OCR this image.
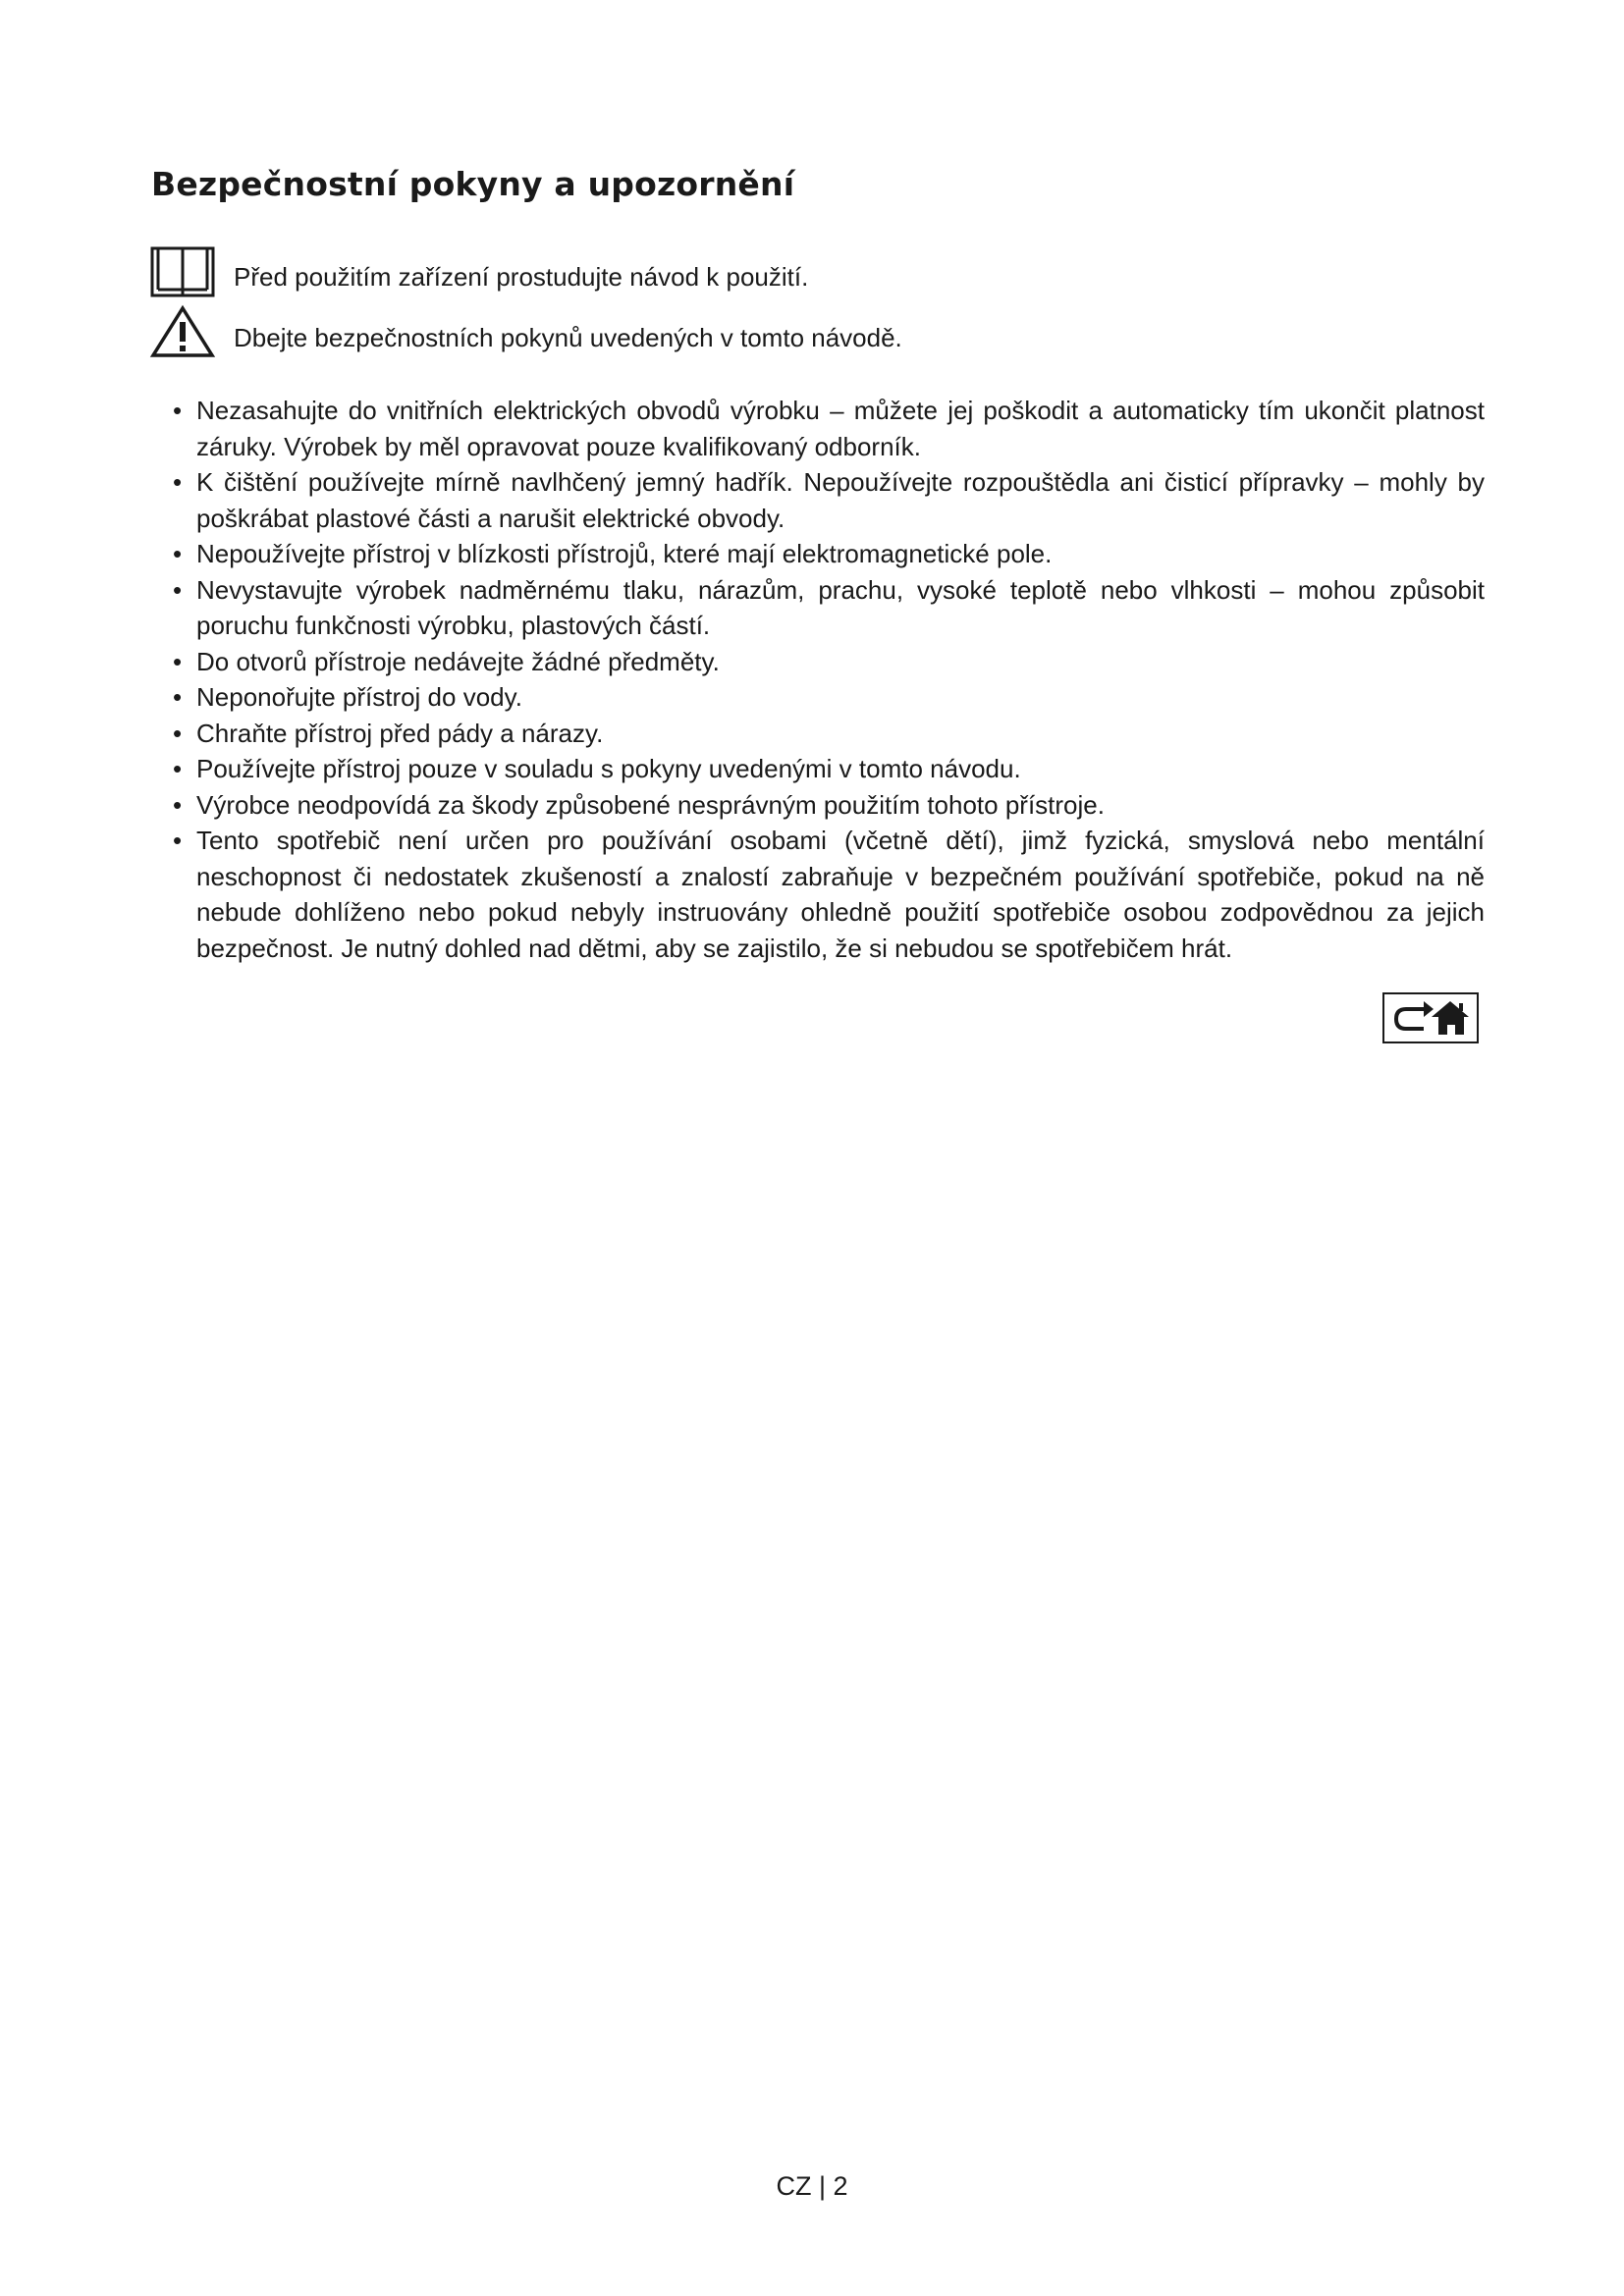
Bezpečnostní pokyny a upozornění
Před použitím zařízení prostudujte návod k použití.
Dbejte bezpečnostních pokynů uvedených v tomto návodě.
• Nezasahujte do vnitřních elektrických obvodů výrobku – můžete jej poškodit a automaticky tím ukončit platnost záruky. Výrobek by měl opravovat pouze kvalifikovaný odborník.
• K čištění používejte mírně navlhčený jemný hadřík. Nepoužívejte rozpouštědla ani čisticí přípravky – mohly by poškrábat plastové části a narušit elektrické obvody.
• Nepoužívejte přístroj v blízkosti přístrojů, které mají elektromagnetické pole.
• Nevystavujte výrobek nadměrnému tlaku, nárazům, prachu, vysoké teplotě nebo vlhkosti – mohou způsobit poruchu funkčnosti výrobku, plastových částí.
• Do otvorů přístroje nedávejte žádné předměty.
• Neponořujte přístroj do vody.
• Chraňte přístroj před pády a nárazy.
• Používejte přístroj pouze v souladu s pokyny uvedenými v tomto návodu.
• Výrobce neodpovídá za škody způsobené nesprávným použitím tohoto přístroje.
• Tento spotřebič není určen pro používání osobami (včetně dětí), jimž fyzická, smyslová nebo mentální neschopnost či nedostatek zkušeností a znalostí zabraňuje v bezpečném používání spotřebiče, pokud na ně nebude dohlíženo nebo pokud nebyly instruovány ohledně použití spotřebiče osobou zodpovědnou za jejich bezpečnost. Je nutný dohled nad dětmi, aby se zajistilo, že si nebudou se spotřebičem hrát.
CZ | 2
